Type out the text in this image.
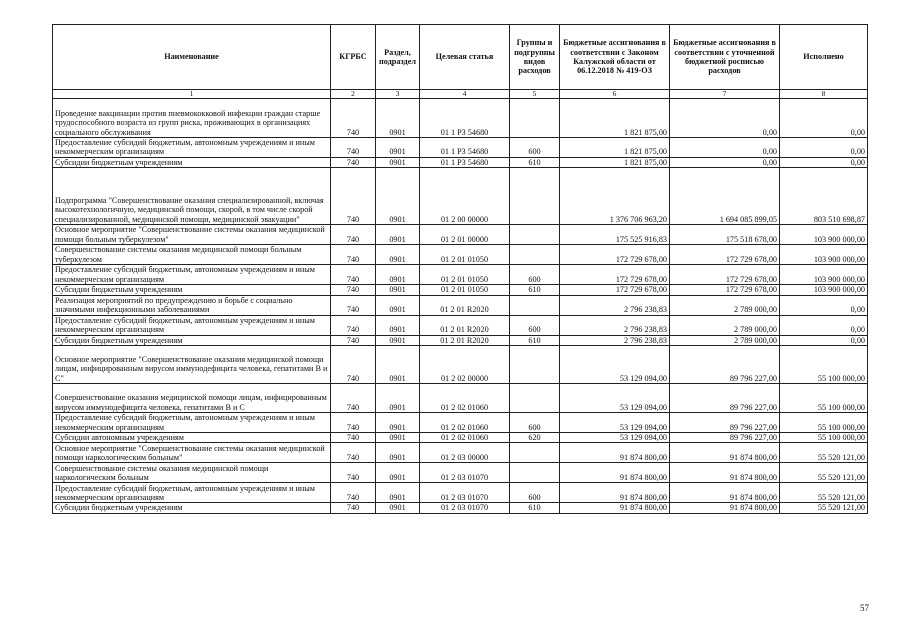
Наименование	КГРБС	Раздел, подраздел	Целевая статья	Группы и подгруппы видов расходов	Бюджетные ассигнования в соответствии с Законом Калужской области от 06.12.2018 № 419-ОЗ	Бюджетные ассигнования в соответствии с уточненной бюджетной росписью расходов	Исполнено
1	2	3	4	5	6	7	8
Проведение вакцинации против пневмококковой инфекции граждан старше трудоспособного возраста из групп риска, проживающих в организациях социального обслуживания	740	0901	01 1 P3 54680		1 821 875,00	0,00	0,00
Предоставление субсидий бюджетным, автономным учреждениям и иным некоммерческим организациям	740	0901	01 1 P3 54680	600	1 821 875,00	0,00	0,00
Субсидии бюджетным учреждениям	740	0901	01 1 P3 54680	610	1 821 875,00	0,00	0,00
Подпрограмма "Совершенствование оказания специализированной, включая высокотехнологичную, медицинской помощи, скорой, в том числе скорой специализированной, медицинской помощи, медицинской эвакуации"	740	0901	01 2 00 00000		1 376 706 963,20	1 694 085 899,05	803 510 698,87
Основное мероприятие "Совершенствование системы оказания медицинской помощи больным туберкулезом"	740	0901	01 2 01 00000		175 525 916,83	175 518 678,00	103 900 000,00
Совершенствование системы оказания медицинской помощи больным туберкулезом	740	0901	01 2 01 01050		172 729 678,00	172 729 678,00	103 900 000,00
Предоставление субсидий бюджетным, автономным учреждениям и иным некоммерческим организациям	740	0901	01 2 01 01050	600	172 729 678,00	172 729 678,00	103 900 000,00
Субсидии бюджетным учреждениям	740	0901	01 2 01 01050	610	172 729 678,00	172 729 678,00	103 900 000,00
Реализация мероприятий по предупреждению и борьбе с социально значимыми инфекционными заболеваниями	740	0901	01 2 01 R2020		2 796 238,83	2 789 000,00	0,00
Предоставление субсидий бюджетным, автономным учреждениям и иным некоммерческим организациям	740	0901	01 2 01 R2020	600	2 796 238,83	2 789 000,00	0,00
Субсидии бюджетным учреждениям	740	0901	01 2 01 R2020	610	2 796 238,83	2 789 000,00	0,00
Основное мероприятие "Совершенствование оказания медицинской помощи лицам, инфицированным вирусом иммунодефицита человека, гепатитами В и С"	740	0901	01 2 02 00000		53 129 094,00	89 796 227,00	55 100 000,00
Совершенствование оказания медицинской помощи лицам, инфицированным вирусом иммунодефицита человека, гепатитами В и С	740	0901	01 2 02 01060		53 129 094,00	89 796 227,00	55 100 000,00
Предоставление субсидий бюджетным, автономным учреждениям и иным некоммерческим организациям	740	0901	01 2 02 01060	600	53 129 094,00	89 796 227,00	55 100 000,00
Субсидии автономным учреждениям	740	0901	01 2 02 01060	620	53 129 094,00	89 796 227,00	55 100 000,00
Основное мероприятие "Совершенствование системы оказания медицинской помощи наркологическим больным"	740	0901	01 2 03 00000		91 874 800,00	91 874 800,00	55 520 121,00
Совершенствование системы оказания медицинской помощи наркологическим больным	740	0901	01 2 03 01070		91 874 800,00	91 874 800,00	55 520 121,00
Предоставление субсидий бюджетным, автономным учреждениям и иным некоммерческим организациям	740	0901	01 2 03 01070	600	91 874 800,00	91 874 800,00	55 520 121,00
Субсидии бюджетным учреждениям	740	0901	01 2 03 01070	610	91 874 800,00	91 874 800,00	55 520 121,00
57
